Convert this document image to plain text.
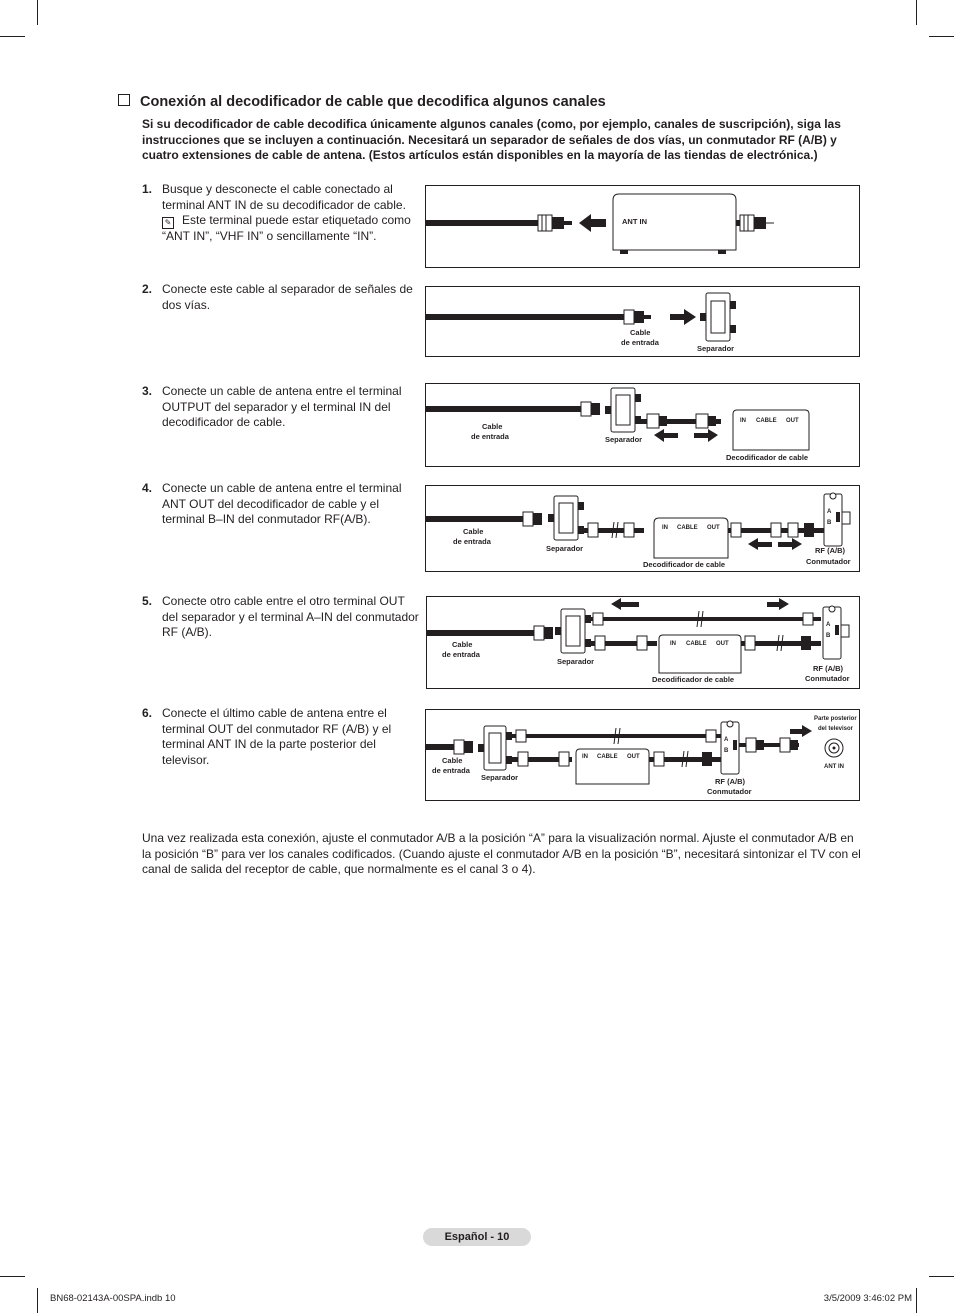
Conexión al decodificador de cable que decodifica algunos canales
Si su decodificador de cable decodifica únicamente algunos canales (como, por ejemplo, canales de suscripción), siga las instrucciones que se incluyen a continuación. Necesitará un separador de señales de dos vías, un conmutador RF (A/B) y cuatro extensiones de cable de antena. (Estos artículos están disponibles en la mayoría de las tiendas de electrónica.)
1. Busque y desconecte el cable conectado al terminal ANT IN de su decodificador de cable.
✎ Este terminal puede estar etiquetado como “ANT IN”, “VHF IN” o sencillamente “IN”.
2. Conecte este cable al separador de señales de dos vías.
3. Conecte un cable de antena entre el terminal OUTPUT del separador y el terminal IN del decodificador de cable.
4. Conecte un cable de antena entre el terminal ANT OUT del decodificador de cable y el terminal B–IN del conmutador RF(A/B).
5. Conecte otro cable entre el otro terminal OUT del separador y el terminal A–IN del conmutador RF (A/B).
6. Conecte el último cable de antena entre el terminal OUT del conmutador RF (A/B) y el terminal ANT IN de la parte posterior del televisor.
ANT IN
Cable
de entrada
Separador
Cable
de entrada	Separador
IN CABLE OUT
Decodificador de cable
Cable
de entrada
Separador
IN CABLE OUT
Decodificador de cable
A
B
RF (A/B)
Conmutador
Cable
de entrada
Separador
IN CABLE OUT
Decodificador de cable
A
B
RF (A/B)
Conmutador
Cable
de entrada
Separador
IN CABLE OUT
A
B
RF (A/B)
Conmutador
Parte posterior
del televisor
ANT IN
Una vez realizada esta conexión, ajuste el conmutador A/B a la posición “A” para la visualización normal. Ajuste el conmutador A/B en la posición “B” para ver los canales codificados. (Cuando ajuste el conmutador A/B en la posición “B”, necesitará sintonizar el TV con el canal de salida del receptor de cable, que normalmente es el canal 3 o 4).
Español - 10
BN68-02143A-00SPA.indb 10	3/5/2009 3:46:02 PM
